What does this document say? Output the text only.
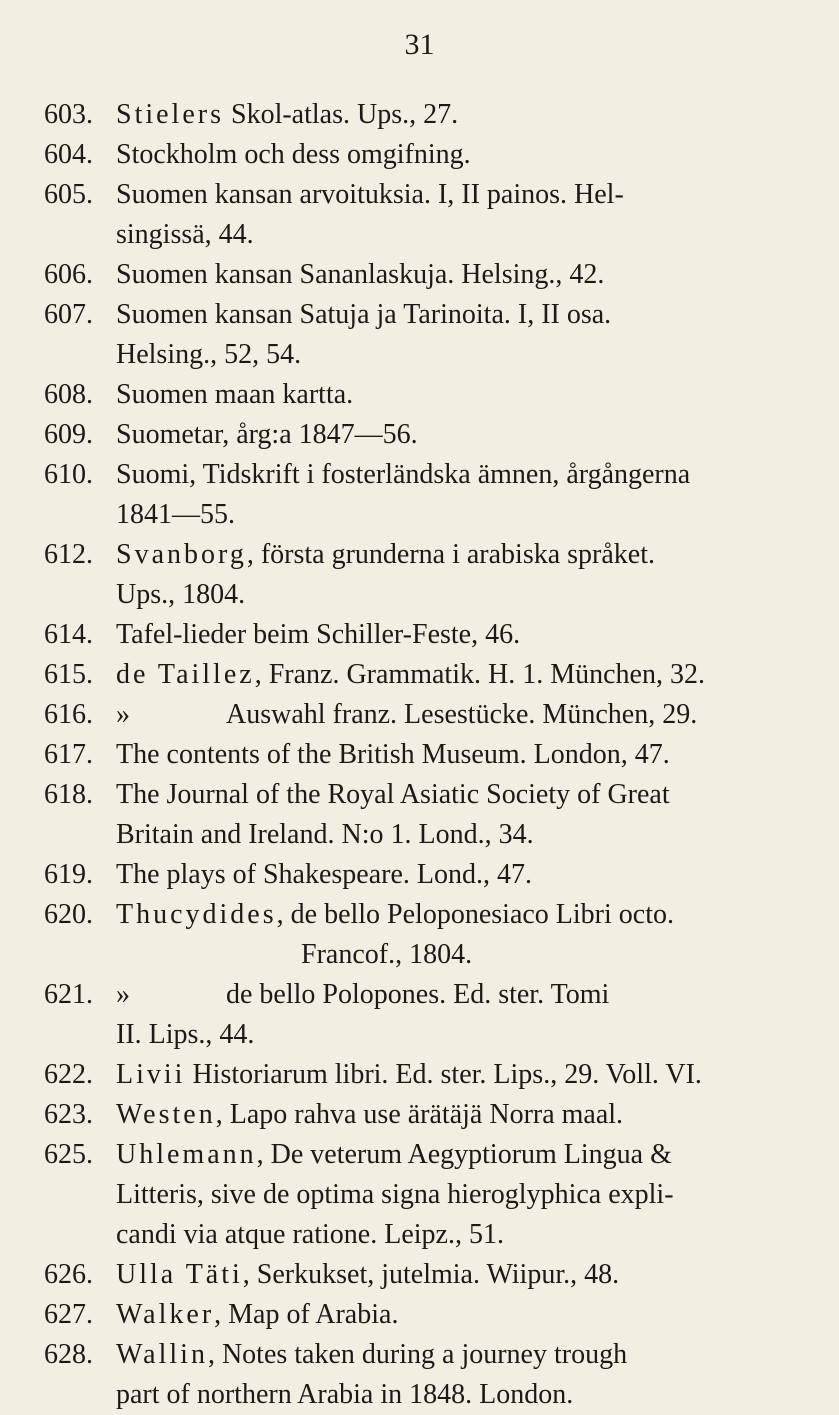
31
603. Stielers Skol-atlas. Ups., 27.
604. Stockholm och dess omgifning.
605. Suomen kansan arvoituksia. I, II painos. Hel-
singissä, 44.
606. Suomen kansan Sananlaskuja. Helsing., 42.
607. Suomen kansan Satuja ja Tarinoita. I, II osa.
Helsing., 52, 54.
608. Suomen maan kartta.
609. Suometar, årg:a 1847—56.
610. Suomi, Tidskrift i fosterländska ämnen, årgångerna
1841—55.
612. Svanborg, första grunderna i arabiska språket.
Ups., 1804.
614. Tafel-lieder beim Schiller-Feste, 46.
615. de Taillez, Franz. Grammatik. H. 1. München, 32.
616. »	Auswahl franz. Lesestücke. München, 29.
617. The contents of the British Museum. London, 47.
618. The Journal of the Royal Asiatic Society of Great
Britain and Ireland. N:o 1. Lond., 34.
619. The plays of Shakespeare. Lond., 47.
620. Thucydides, de bello Peloponesiaco Libri octo.
Francof., 1804.
621. »	de bello Polopones. Ed. ster. Tomi
II. Lips., 44.
622. Livii Historiarum libri. Ed. ster. Lips., 29. Voll. VI.
623. Westen, Lapo rahva use ärätäjä Norra maal.
625. Uhlemann, De veterum Aegyptiorum Lingua &
Litteris, sive de optima signa hieroglyphica expli-
candi via atque ratione. Leipz., 51.
626. Ulla Täti, Serkukset, jutelmia. Wiipur., 48.
627. Walker, Map of Arabia.
628. Wallin, Notes taken during a journey trough
part of northern Arabia in 1848. London.
